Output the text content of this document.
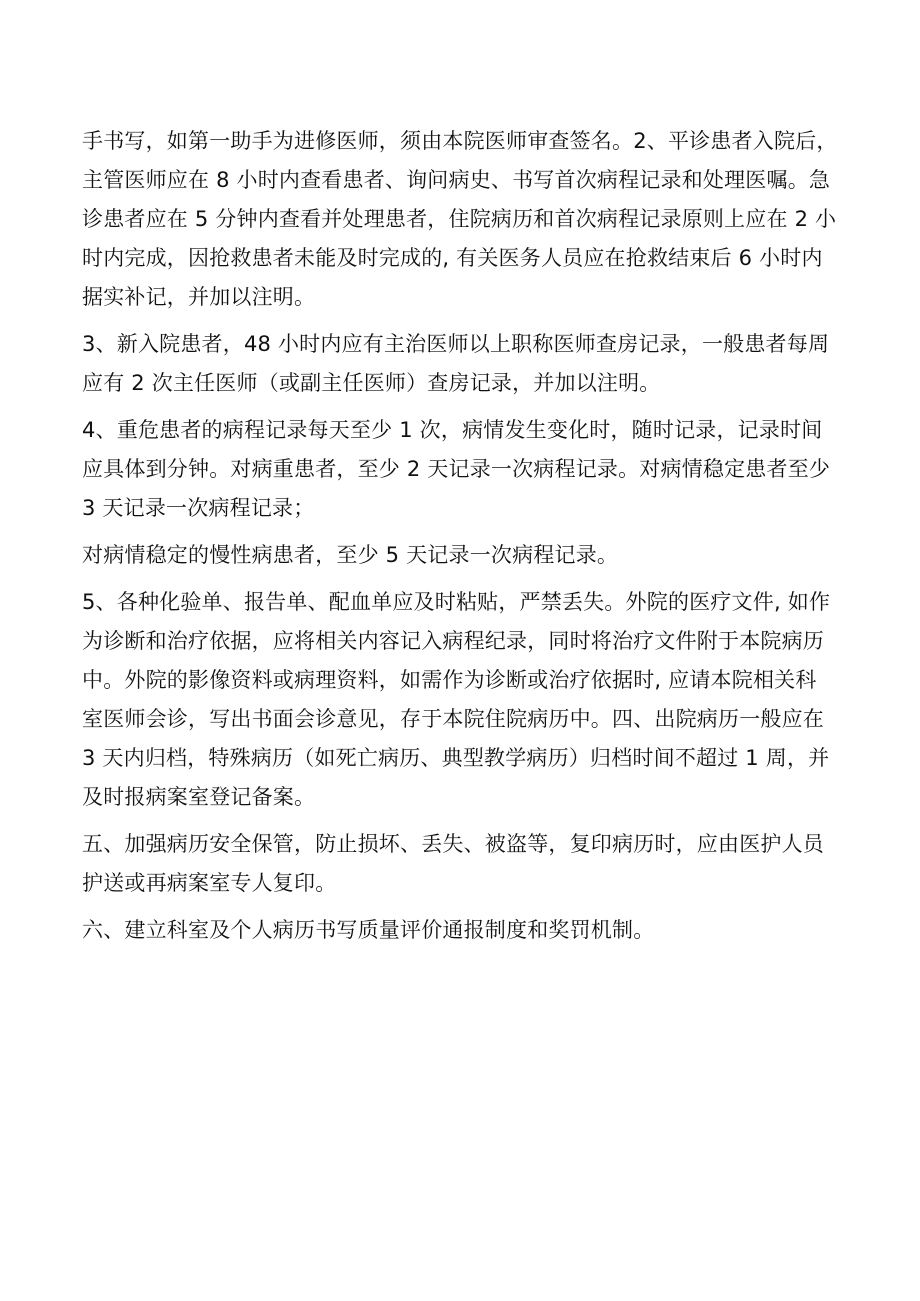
手书写，如第一助手为进修医师，须由本院医师审查签名。2、平诊患者入院后，
主管医师应在 8 小时内查看患者、询问病史、书写首次病程记录和处理医嘱。急
诊患者应在 5 分钟内查看并处理患者，住院病历和首次病程记录原则上应在 2 小
时内完成，因抢救患者未能及时完成的, 有关医务人员应在抢救结束后 6 小时内
据实补记，并加以注明。

3、新入院患者，48 小时内应有主治医师以上职称医师查房记录，一般患者每周
应有 2 次主任医师（或副主任医师）查房记录，并加以注明。

4、重危患者的病程记录每天至少 1 次，病情发生变化时，随时记录，记录时间
应具体到分钟。对病重患者，至少 2 天记录一次病程记录。对病情稳定患者至少
3 天记录一次病程记录；

对病情稳定的慢性病患者，至少 5 天记录一次病程记录。

5、各种化验单、报告单、配血单应及时粘贴，严禁丢失。外院的医疗文件, 如作
为诊断和治疗依据，应将相关内容记入病程纪录，同时将治疗文件附于本院病历
中。外院的影像资料或病理资料，如需作为诊断或治疗依据时, 应请本院相关科
室医师会诊，写出书面会诊意见，存于本院住院病历中。四、出院病历一般应在
3 天内归档，特殊病历（如死亡病历、典型教学病历）归档时间不超过 1 周，并
及时报病案室登记备案。

五、加强病历安全保管，防止损坏、丢失、被盗等，复印病历时，应由医护人员
护送或再病案室专人复印。

六、建立科室及个人病历书写质量评价通报制度和奖罚机制。
